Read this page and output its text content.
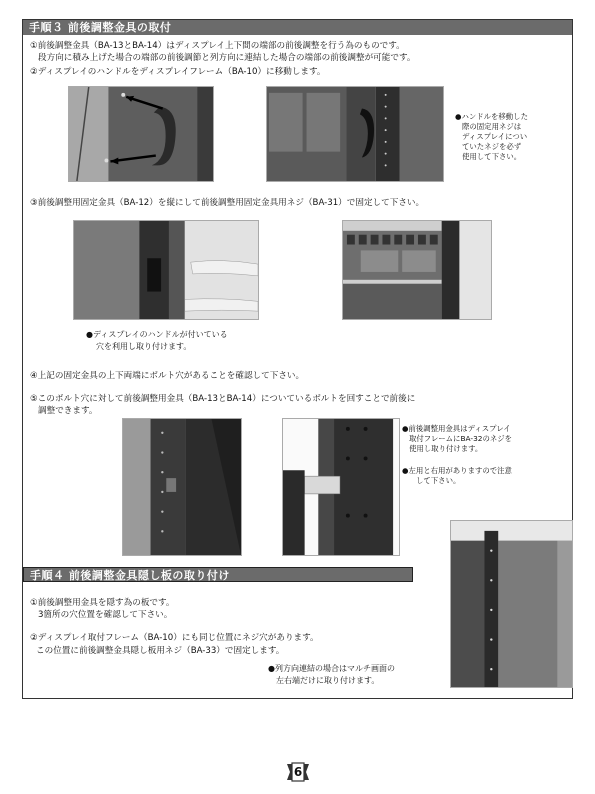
手順３ 前後調整金具の取付
①前後調整金具（BA-13とBA-14）はディスプレイ上下間の端部の前後調整を行う為のものです。
段方向に積み上げた場合の端部の前後調節と列方向に連結した場合の端部の前後調整が可能です。
②ディスプレイのハンドルをディスプレイフレーム（BA-10）に移動します。
●ハンドルを移動した
際の固定用ネジは
ディスプレイについ
ていたネジを必ず
使用して下さい。
③前後調整用固定金具（BA-12）を縦にして前後調整用固定金具用ネジ（BA-31）で固定して下さい。
●ディスプレイのハンドルが付いている
穴を利用し取り付けます。
④上記の固定金具の上下両端にボルト穴があることを確認して下さい。
⑤このボルト穴に対して前後調整用金具（BA-13とBA-14）についているボルトを回すことで前後に
調整できます。
●前後調整用金具はディスプレイ
取付フレームにBA-32のネジを
使用し取り付けます。
●左用と右用がありますので注意
して下さい。
手順４ 前後調整金具隠し板の取り付け
①前後調整用金具を隠す為の板です。
3箇所の穴位置を確認して下さい。
②ディスプレイ取付フレーム（BA-10）にも同じ位置にネジ穴があります。
この位置に前後調整金具隠し板用ネジ（BA-33）で固定します。
●列方向連結の場合はマルチ画面の
左右端だけに取り付けます。
6
